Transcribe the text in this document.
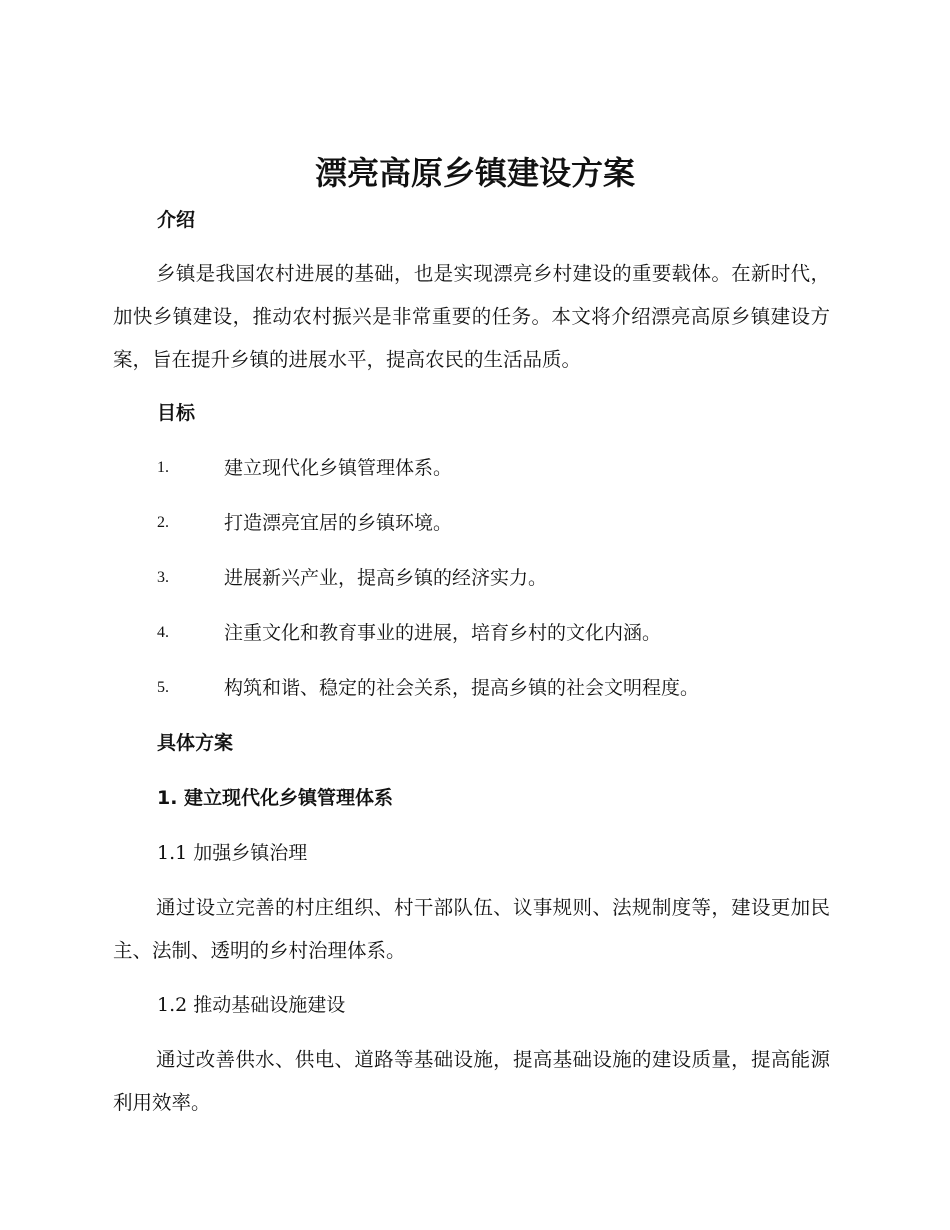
漂亮高原乡镇建设方案
介绍

乡镇是我国农村进展的基础，也是实现漂亮乡村建设的重要载体。在新时代，加快乡镇建设，推动农村振兴是非常重要的任务。本文将介绍漂亮高原乡镇建设方案，旨在提升乡镇的进展水平，提高农民的生活品质。

目标
1.	建立现代化乡镇管理体系。
2.	打造漂亮宜居的乡镇环境。
3.	进展新兴产业，提高乡镇的经济实力。
4.	注重文化和教育事业的进展，培育乡村的文化内涵。
5.	构筑和谐、稳定的社会关系，提高乡镇的社会文明程度。
具体方案
1. 建立现代化乡镇管理体系
1.1 加强乡镇治理

通过设立完善的村庄组织、村干部队伍、议事规则、法规制度等，建设更加民主、法制、透明的乡村治理体系。

1.2 推动基础设施建设

通过改善供水、供电、道路等基础设施，提高基础设施的建设质量，提高能源利用效率。
